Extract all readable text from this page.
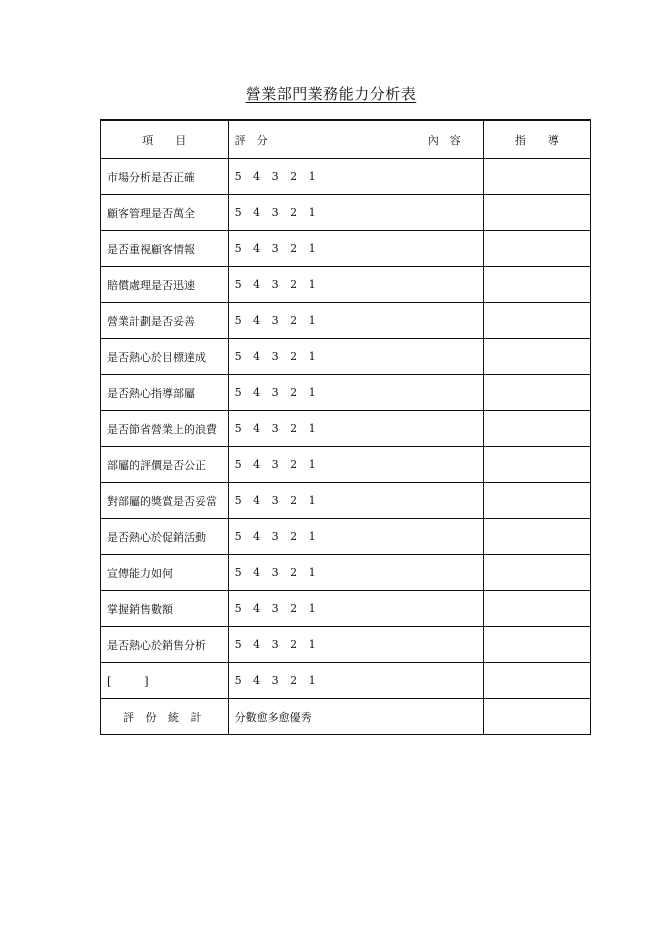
營業部門業務能力分析表
項　　目	評　分 內　容	指　　導
市場分析是否正確	5 4 3 2 1	
顧客管理是否萬全	5 4 3 2 1	
是否重視顧客情報	5 4 3 2 1	
賠償處理是否迅速	5 4 3 2 1	
營業計劃是否妥善	5 4 3 2 1	
是否熱心於目標達成	5 4 3 2 1	
是否熱心指導部屬	5 4 3 2 1	
是否節省營業上的浪費	5 4 3 2 1	
部屬的評價是否公正	5 4 3 2 1	
對部屬的獎賞是否妥當	5 4 3 2 1	
是否熱心於促銷活動	5 4 3 2 1	
宣傳能力如何	5 4 3 2 1	
掌握銷售數額	5 4 3 2 1	
是否熱心於銷售分析	5 4 3 2 1	
[　　　]	5 4 3 2 1	
評 份 統 計	分數愈多愈優秀	
